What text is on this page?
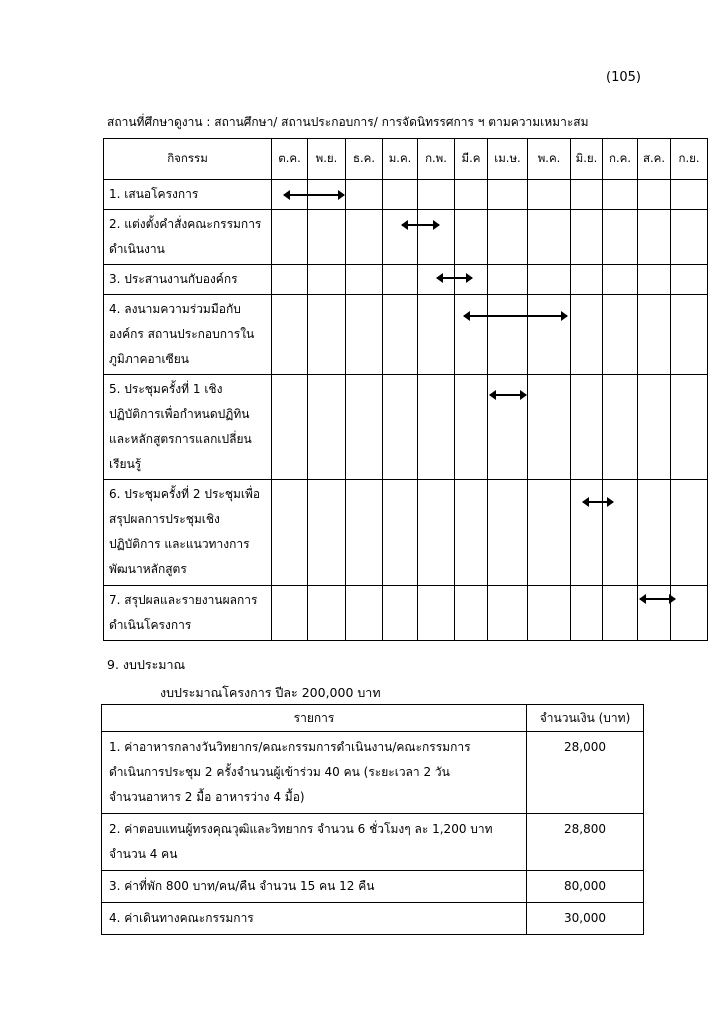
(105)
สถานที่ศึกษาดูงาน : สถานศึกษา/ สถานประกอบการ/ การจัดนิทรรศการ ฯ ตามความเหมาะสม
กิจกรรม	ต.ค.	พ.ย.	ธ.ค.	ม.ค.	ก.พ.	มี.ค	เม.ษ.	พ.ค.	มิ.ย.	ก.ค.	ส.ค.	ก.ย.

1. เสนอโครงการ												

2. แต่งตั้งคำสั่งคณะกรรมการ
ดำเนินงาน												

3. ประสานงานกับองค์กร												

4. ลงนามความร่วมมือกับ
องค์กร สถานประกอบการใน
ภูมิภาคอาเซียน												

5. ประชุมครั้งที่ 1 เชิง
ปฏิบัติการเพื่อกำหนดปฏิทิน
และหลักสูตรการแลกเปลี่ยน
เรียนรู้												

6. ประชุมครั้งที่ 2 ประชุมเพื่อ
สรุปผลการประชุมเชิง
ปฏิบัติการ และแนวทางการ
พัฒนาหลักสูตร												

7. สรุปผลและรายงานผลการ
ดำเนินโครงการ												

9. งบประมาณ
งบประมาณโครงการ ปีละ 200,000 บาท
รายการ	จำนวนเงิน (บาท)

1. ค่าอาหารกลางวันวิทยากร/คณะกรรมการดำเนินงาน/คณะกรรมการ
ดำเนินการประชุม 2 ครั้งจำนวนผู้เข้าร่วม 40 คน (ระยะเวลา 2 วัน
จำนวนอาหาร 2 มื้อ อาหารว่าง 4 มื้อ)	28,000

2. ค่าตอบแทนผู้ทรงคุณวุฒิและวิทยากร จำนวน 6 ชั่วโมงๆ ละ 1,200 บาท
จำนวน 4 คน	28,800

3. ค่าที่พัก 800 บาท/คน/คืน จำนวน 15 คน 12 คืน	80,000

4. ค่าเดินทางคณะกรรมการ	30,000
